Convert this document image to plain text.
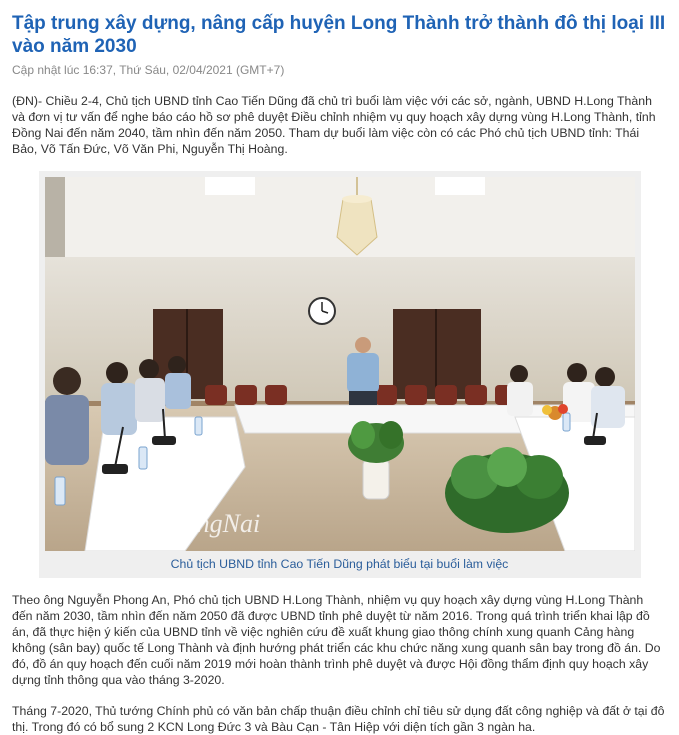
Tập trung xây dựng, nâng cấp huyện Long Thành trở thành đô thị loại III vào năm 2030
Cập nhật lúc 16:37, Thứ Sáu, 02/04/2021 (GMT+7)

(ĐN)- Chiều 2-4, Chủ tịch UBND tỉnh Cao Tiến Dũng đã chủ trì buổi làm việc với các sở, ngành, UBND H.Long Thành và đơn vị tư vấn để nghe báo cáo hồ sơ phê duyệt Điều chỉnh nhiệm vụ quy hoạch xây dựng vùng H.Long Thành, tỉnh Đồng Nai đến năm 2040, tầm nhìn đến năm 2050. Tham dự buổi làm việc còn có các Phó chủ tịch UBND tỉnh: Thái Bảo, Võ Tấn Đức, Võ Văn Phi, Nguyễn Thị Hoàng.

BáoĐồngNai
Chủ tịch UBND tỉnh Cao Tiến Dũng phát biểu tại buổi làm việc

Theo ông Nguyễn Phong An, Phó chủ tịch UBND H.Long Thành, nhiệm vụ quy hoạch xây dựng vùng H.Long Thành đến năm 2030, tầm nhìn đến năm 2050 đã được UBND tỉnh phê duyệt từ năm 2016. Trong quá trình triển khai lập đồ án, đã thực hiện ý kiến của UBND tỉnh về việc nghiên cứu đề xuất khung giao thông chính xung quanh Cảng hàng không (sân bay) quốc tế Long Thành và định hướng phát triển các khu chức năng xung quanh sân bay trong đồ án. Do đó, đồ án quy hoạch đến cuối năm 2019 mới hoàn thành trình phê duyệt và được Hội đồng thẩm định quy hoạch xây dựng tỉnh thông qua vào tháng 3-2020.

Tháng 7-2020, Thủ tướng Chính phủ có văn bản chấp thuận điều chỉnh chỉ tiêu sử dụng đất công nghiệp và đất ở tại đô thị. Trong đó có bổ sung 2 KCN Long Đức 3 và Bàu Cạn - Tân Hiệp với diện tích gần 3 ngàn ha.
